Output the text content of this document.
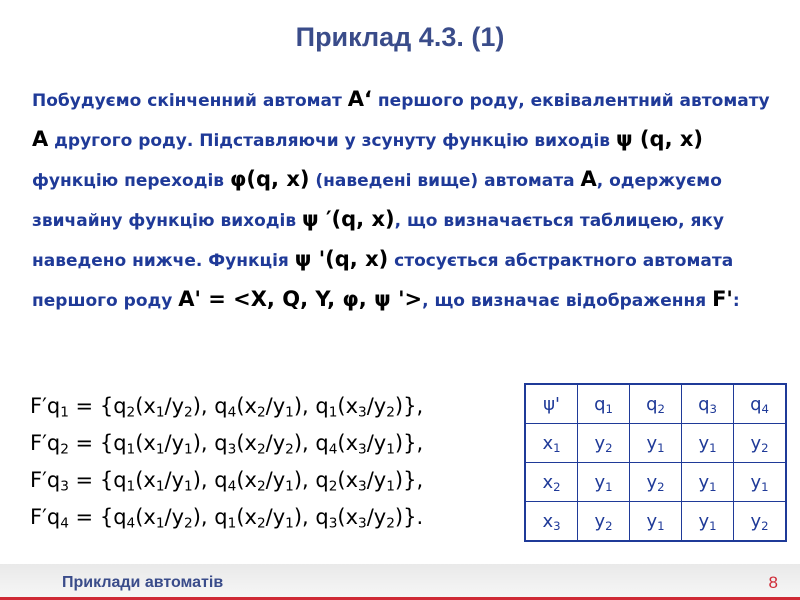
Приклад 4.3. (1)
Побудуємо скінченний автомат А‘ першого роду, еквівалентний автомату А другого роду. Підставляючи у зсунуту функцію виходів ψ (q, x) функцію переходів φ(q, x) (наведені вище) автомата А, одержуємо звичайну функцію виходів ψ ′(q, x), що визначається таблицею, яку наведено нижче. Функція ψ '(q, x) стосується абстрактного автомата першого роду А' = <X, Q, Y, φ, ψ '>, що визначає відображення F':
$F'q_1 = \{q_2(x_1/y_2)$, $q_4(x_2/y_1)$, $q_1(x_3/y_2)$},
$F'q_2 = \{q_1(x_1/y_1)$, $q_3(x_2/y_2)$, $q_4(x_3/y_1)$},
$F'q_3 = \{q_1(x_1/y_1)$, $q_4(x_2/y_1)$, $q_2(x_3/y_1)$},
$F'q_4 = \{q_4(x_1/y_2)$, $q_1(x_2/y_1)$, $q_3(x_3/y_2)$}.
ψ'	$q_1$	$q_2$	$q_3$	$q_4$
$x_1$	$y_2$	$y_1$	$y_1$	$y_2$
$x_2$	$y_1$	$y_2$	$y_1$	$y_1$
$x_3$	$y_2$	$y_1$	$y_1$	$y_2$
Приклади автоматів	8
